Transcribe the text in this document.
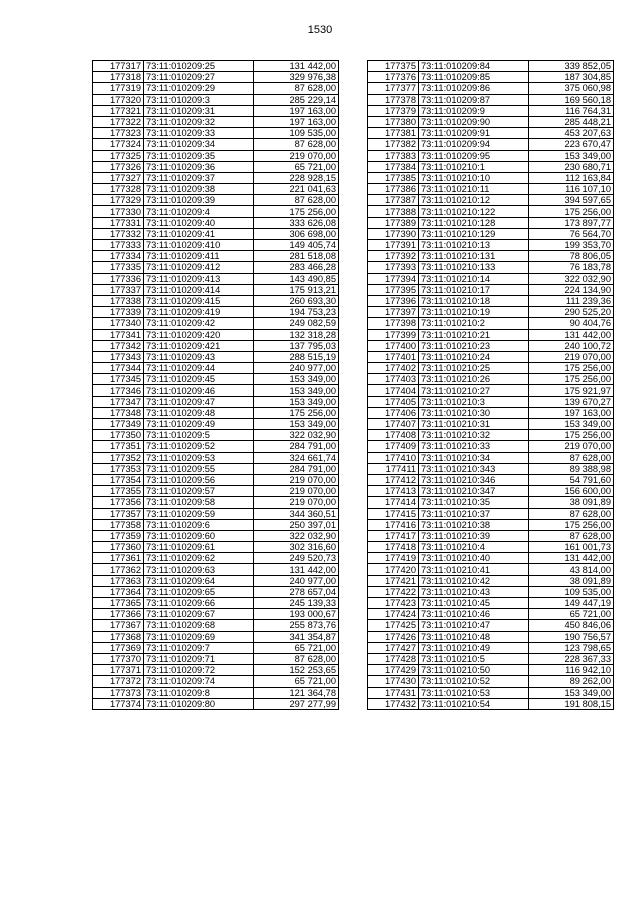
1530
177317	73:11:010209:25	131 442,00
177318	73:11:010209:27	329 976,38
177319	73:11:010209:29	87 628,00
177320	73:11:010209:3	285 229,14
177321	73:11:010209:31	197 163,00
177322	73:11:010209:32	197 163,00
177323	73:11:010209:33	109 535,00
177324	73:11:010209:34	87 628,00
177325	73:11:010209:35	219 070,00
177326	73:11:010209:36	65 721,00
177327	73:11:010209:37	228 928,15
177328	73:11:010209:38	221 041,63
177329	73:11:010209:39	87 628,00
177330	73:11:010209:4	175 256,00
177331	73:11:010209:40	333 626,08
177332	73:11:010209:41	306 698,00
177333	73:11:010209:410	149 405,74
177334	73:11:010209:411	281 518,08
177335	73:11:010209:412	283 466,28
177336	73:11:010209:413	143 490,85
177337	73:11:010209:414	175 913,21
177338	73:11:010209:415	260 693,30
177339	73:11:010209:419	194 753,23
177340	73:11:010209:42	249 082,59
177341	73:11:010209:420	132 318,28
177342	73:11:010209:421	137 795,03
177343	73:11:010209:43	288 515,19
177344	73:11:010209:44	240 977,00
177345	73:11:010209:45	153 349,00
177346	73:11:010209:46	153 349,00
177347	73:11:010209:47	153 349,00
177348	73:11:010209:48	175 256,00
177349	73:11:010209:49	153 349,00
177350	73:11:010209:5	322 032,90
177351	73:11:010209:52	284 791,00
177352	73:11:010209:53	324 661,74
177353	73:11:010209:55	284 791,00
177354	73:11:010209:56	219 070,00
177355	73:11:010209:57	219 070,00
177356	73:11:010209:58	219 070,00
177357	73:11:010209:59	344 360,51
177358	73:11:010209:6	250 397,01
177359	73:11:010209:60	322 032,90
177360	73:11:010209:61	302 316,60
177361	73:11:010209:62	249 520,73
177362	73:11:010209:63	131 442,00
177363	73:11:010209:64	240 977,00
177364	73:11:010209:65	278 657,04
177365	73:11:010209:66	245 139,33
177366	73:11:010209:67	193 000,67
177367	73:11:010209:68	255 873,76
177368	73:11:010209:69	341 354,87
177369	73:11:010209:7	65 721,00
177370	73:11:010209:71	87 628,00
177371	73:11:010209:72	152 253,65
177372	73:11:010209:74	65 721,00
177373	73:11:010209:8	121 364,78
177374	73:11:010209:80	297 277,99
177375	73:11:010209:84	339 852,05
177376	73:11:010209:85	187 304,85
177377	73:11:010209:86	375 060,98
177378	73:11:010209:87	169 560,18
177379	73:11:010209:9	116 764,31
177380	73:11:010209:90	285 448,21
177381	73:11:010209:91	453 207,63
177382	73:11:010209:94	223 670,47
177383	73:11:010209:95	153 349,00
177384	73:11:010210:1	230 680,71
177385	73:11:010210:10	112 163,84
177386	73:11:010210:11	116 107,10
177387	73:11:010210:12	394 597,65
177388	73:11:010210:122	175 256,00
177389	73:11:010210:128	173 897,77
177390	73:11:010210:129	76 564,70
177391	73:11:010210:13	199 353,70
177392	73:11:010210:131	78 806,05
177393	73:11:010210:133	76 183,78
177394	73:11:010210:14	322 032,90
177395	73:11:010210:17	224 134,90
177396	73:11:010210:18	111 239,36
177397	73:11:010210:19	290 525,20
177398	73:11:010210:2	90 404,76
177399	73:11:010210:21	131 442,00
177400	73:11:010210:23	240 100,72
177401	73:11:010210:24	219 070,00
177402	73:11:010210:25	175 256,00
177403	73:11:010210:26	175 256,00
177404	73:11:010210:27	175 921,97
177405	73:11:010210:3	139 670,27
177406	73:11:010210:30	197 163,00
177407	73:11:010210:31	153 349,00
177408	73:11:010210:32	175 256,00
177409	73:11:010210:33	219 070,00
177410	73:11:010210:34	87 628,00
177411	73:11:010210:343	89 388,98
177412	73:11:010210:346	54 791,60
177413	73:11:010210:347	156 600,00
177414	73:11:010210:35	38 091,89
177415	73:11:010210:37	87 628,00
177416	73:11:010210:38	175 256,00
177417	73:11:010210:39	87 628,00
177418	73:11:010210:4	161 001,73
177419	73:11:010210:40	131 442,00
177420	73:11:010210:41	43 814,00
177421	73:11:010210:42	38 091,89
177422	73:11:010210:43	109 535,00
177423	73:11:010210:45	149 447,19
177424	73:11:010210:46	65 721,00
177425	73:11:010210:47	450 846,06
177426	73:11:010210:48	190 756,57
177427	73:11:010210:49	123 798,65
177428	73:11:010210:5	228 367,33
177429	73:11:010210:50	116 942,10
177430	73:11:010210:52	89 262,00
177431	73:11:010210:53	153 349,00
177432	73:11:010210:54	191 808,15
